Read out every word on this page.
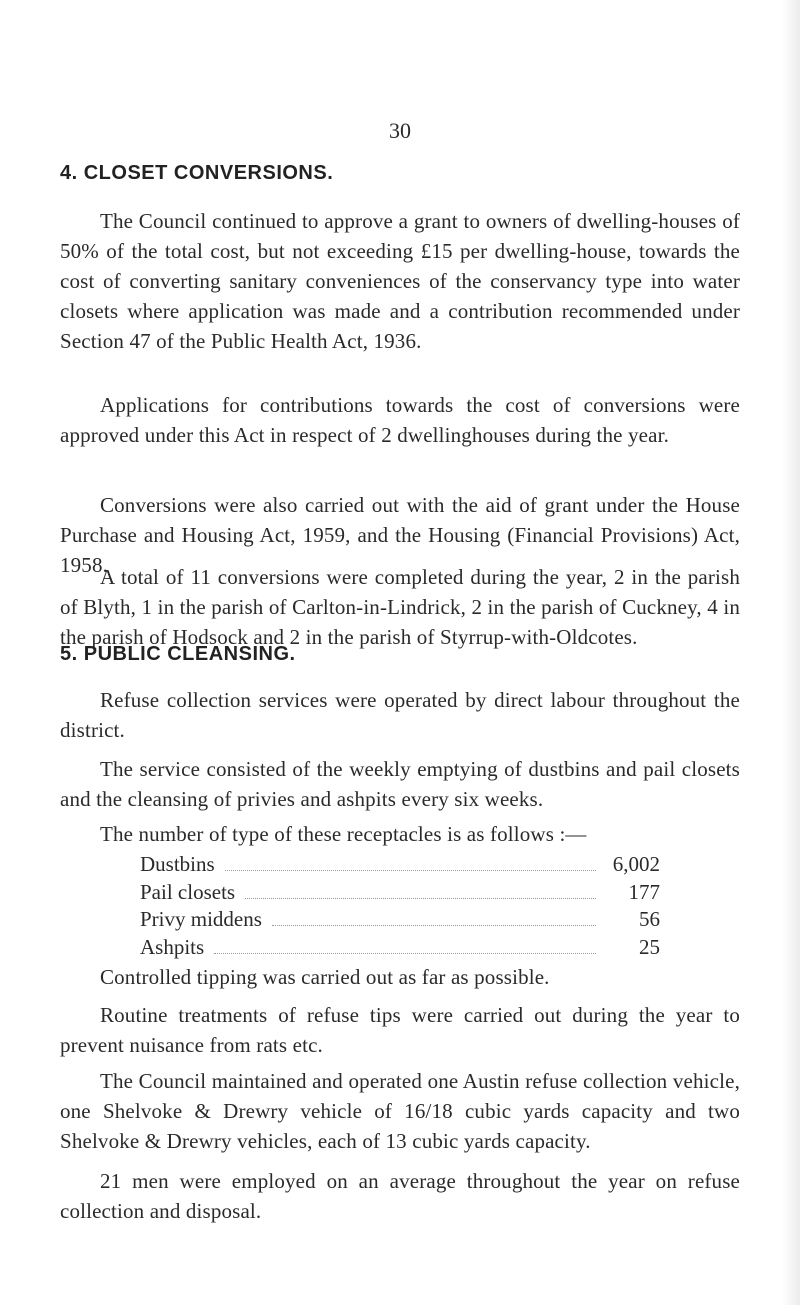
30
4. CLOSET CONVERSIONS.

The Council continued to approve a grant to owners of dwelling-houses of 50% of the total cost, but not exceeding £15 per dwelling-house, towards the cost of converting sanitary conveniences of the conservancy type into water closets where application was made and a contribution recommended under Section 47 of the Public Health Act, 1936.

Applications for contributions towards the cost of conversions were approved under this Act in respect of 2 dwellinghouses during the year.

Conversions were also carried out with the aid of grant under the House Purchase and Housing Act, 1959, and the Housing (Financial Provisions) Act, 1958.

A total of 11 conversions were completed during the year, 2 in the parish of Blyth, 1 in the parish of Carlton-in-Lindrick, 2 in the parish of Cuckney, 4 in the parish of Hodsock and 2 in the parish of Styrrup-with-Oldcotes.

5. PUBLIC CLEANSING.

Refuse collection services were operated by direct labour throughout the district.

The service consisted of the weekly emptying of dustbins and pail closets and the cleansing of privies and ashpits every six weeks.

The number of type of these receptacles is as follows :—

Dustbins	6,002
Pail closets	177
Privy middens	56
Ashpits	25

Controlled tipping was carried out as far as possible.

Routine treatments of refuse tips were carried out during the year to prevent nuisance from rats etc.

The Council maintained and operated one Austin refuse collection vehicle, one Shelvoke & Drewry vehicle of 16/18 cubic yards capacity and two Shelvoke & Drewry vehicles, each of 13 cubic yards capacity.

21 men were employed on an average throughout the year on refuse collection and disposal.
